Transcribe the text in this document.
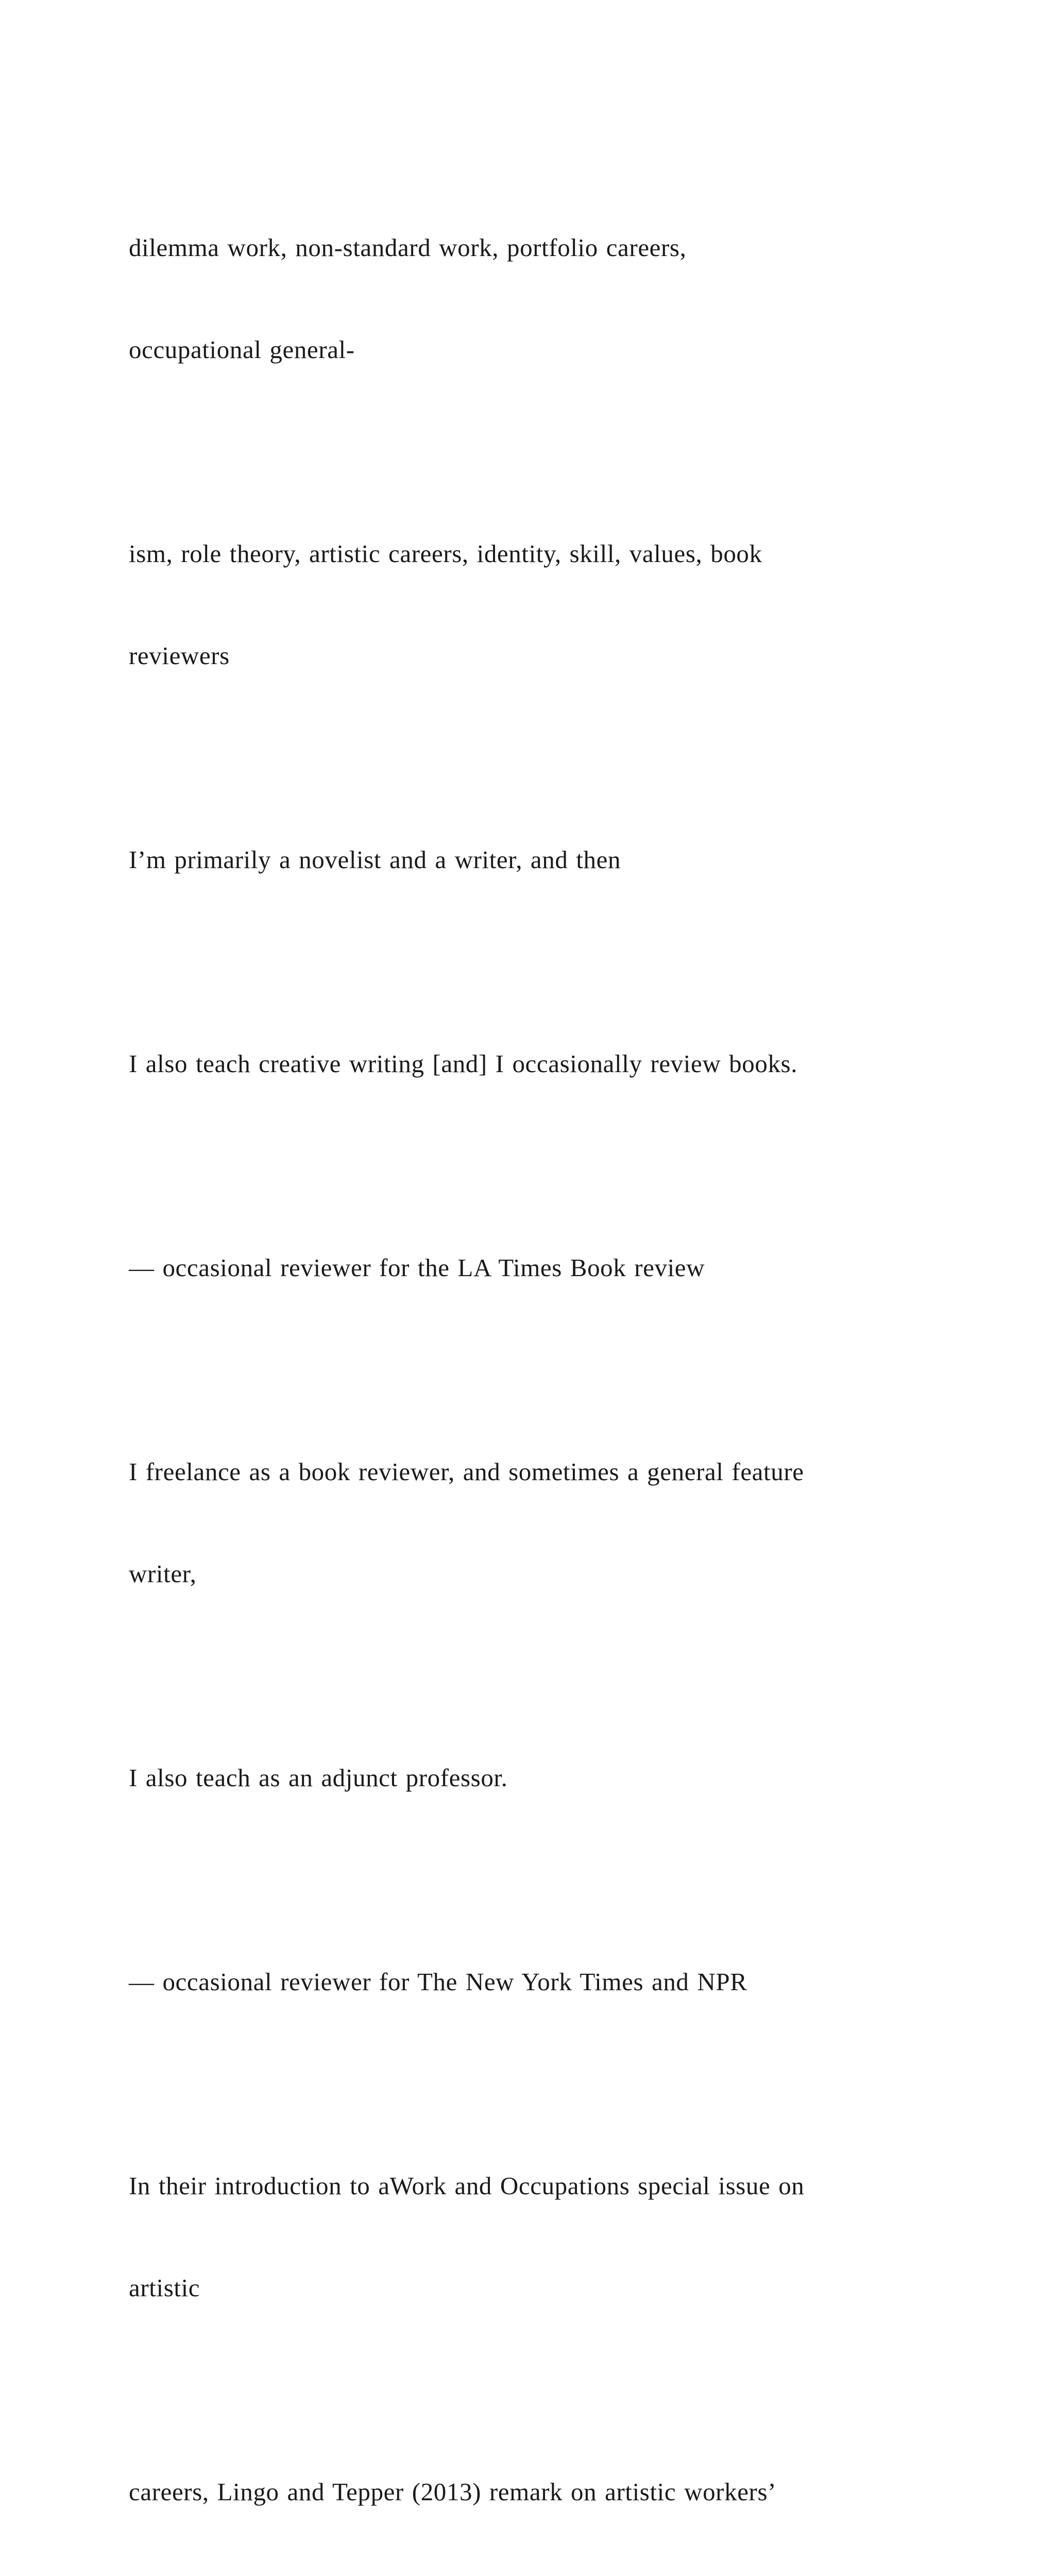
dilemma work, non-standard work, portfolio careers,

occupational general-

ism, role theory, artistic careers, identity, skill, values, book

reviewers

I’m primarily a novelist and a writer, and then

I also teach creative writing [and] I occasionally review books.

— occasional reviewer for the LA Times Book review

I freelance as a book reviewer, and sometimes a general feature

writer,

I also teach as an adjunct professor.

— occasional reviewer for The New York Times and NPR

In their introduction to aWork and Occupations special issue on

artistic

careers, Lingo and Tepper (2013) remark on artistic workers’
